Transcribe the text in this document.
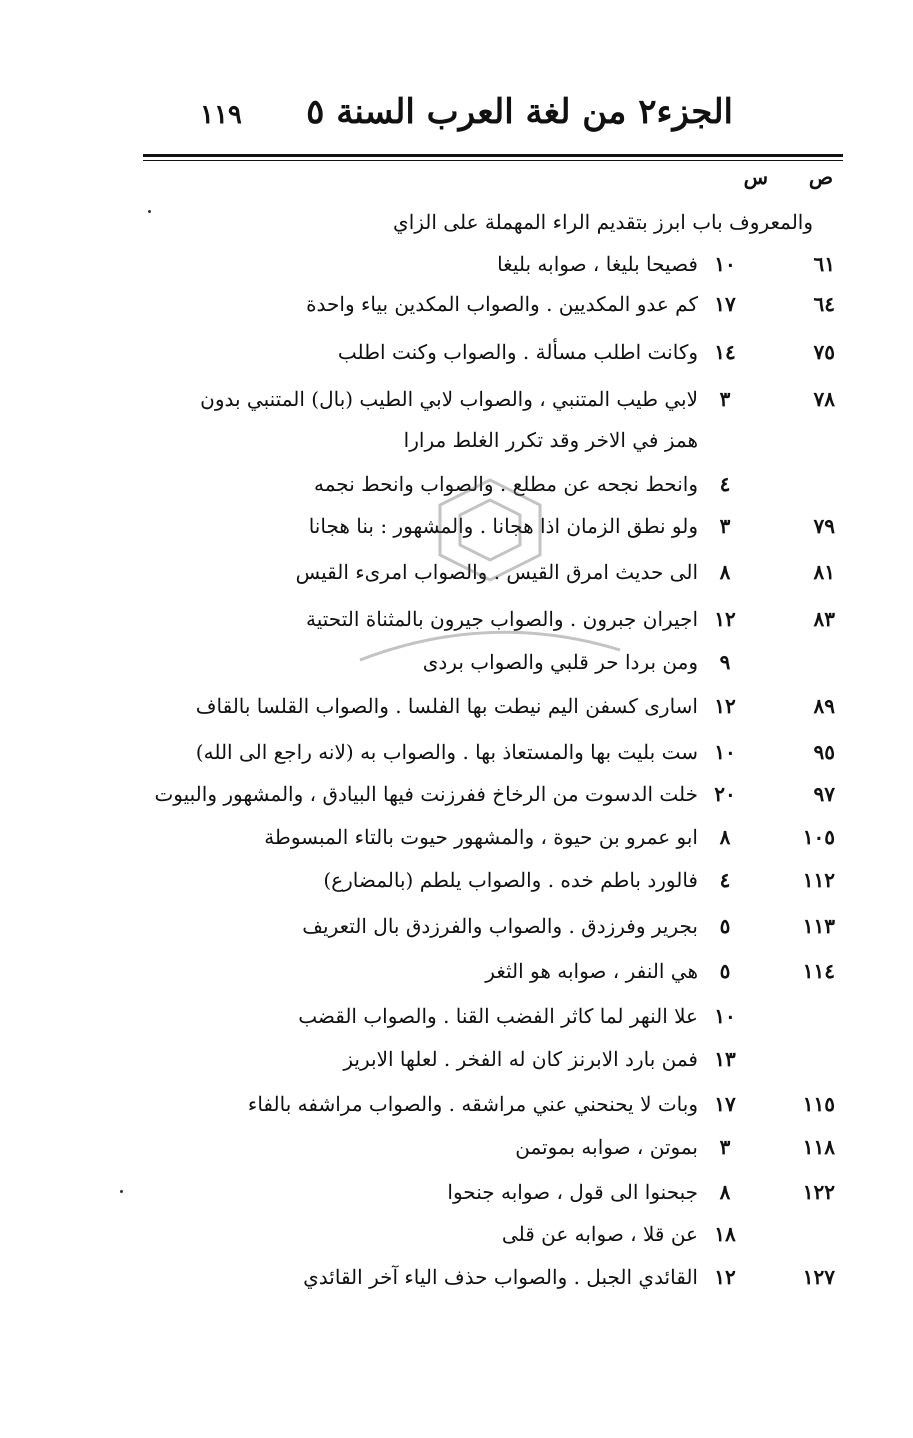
الجزء٢ من لغة العرب السنة ٥
١١٩
ص
س
والمعروف باب ابرز بتقديم الراء المهملة على الزاي
٦١
١٠
فصيحا بليغا ، صوابه بليغا
٦٤
١٧
كم عدو المكديين . والصواب المكدين بياء واحدة
٧٥
١٤
وكانت اطلب مسألة . والصواب وكنت اطلب
٧٨
٣
لابي طيب المتنبي ، والصواب لابي الطيب (بال) المتنبي بدون
٤
وانحط نجحه عن مطلع . والصواب وانحط نجمه
٧٩
٣
ولو نطق الزمان اذا هجانا . والمشهور : بنا هجانا
٨١
٨
الى حديث امرق القيس . والصواب امرىء القيس
٨٣
١٢
اجيران جبرون . والصواب جيرون بالمثناة التحتية
٩
ومن بردا حر قلبي والصواب بردى
٨٩
١٢
اسارى كسفن اليم نيطت بها الفلسا . والصواب القلسا بالقاف
٩٥
١٠
ست بليت بها والمستعاذ بها . والصواب به (لانه راجع الى الله)
٩٧
٢٠
خلت الدسوت من الرخاخ ففرزنت فيها البيادق ، والمشهور والبيوت
١٠٥
٨
ابو عمرو بن حيوة ، والمشهور حيوت بالتاء المبسوطة
١١٢
٤
فالورد باطم خده . والصواب يلطم (بالمضارع)
١١٣
٥
بجرير وفرزدق . والصواب والفرزدق بال التعريف
١١٤
٥
هي النفر ، صوابه هو الثغر
١٠
علا النهر لما كاثر الفضب القنا . والصواب القضب
١٣
فمن بارد الابرنز كان له الفخر . لعلها الابريز
١١٥
١٧
وبات لا يحنحني عني مراشقه . والصواب مراشفه بالفاء
١١٨
٣
بموتن ، صوابه بموتمن
١٢٢
٨
جبحنوا الى قول ، صوابه جنحوا
١٨
عن قلا ، صوابه عن قلى
١٢٧
١٢
القائدي الجبل . والصواب حذف الياء آخر القائدي
همز في الاخر وقد تكرر الغلط مرارا
